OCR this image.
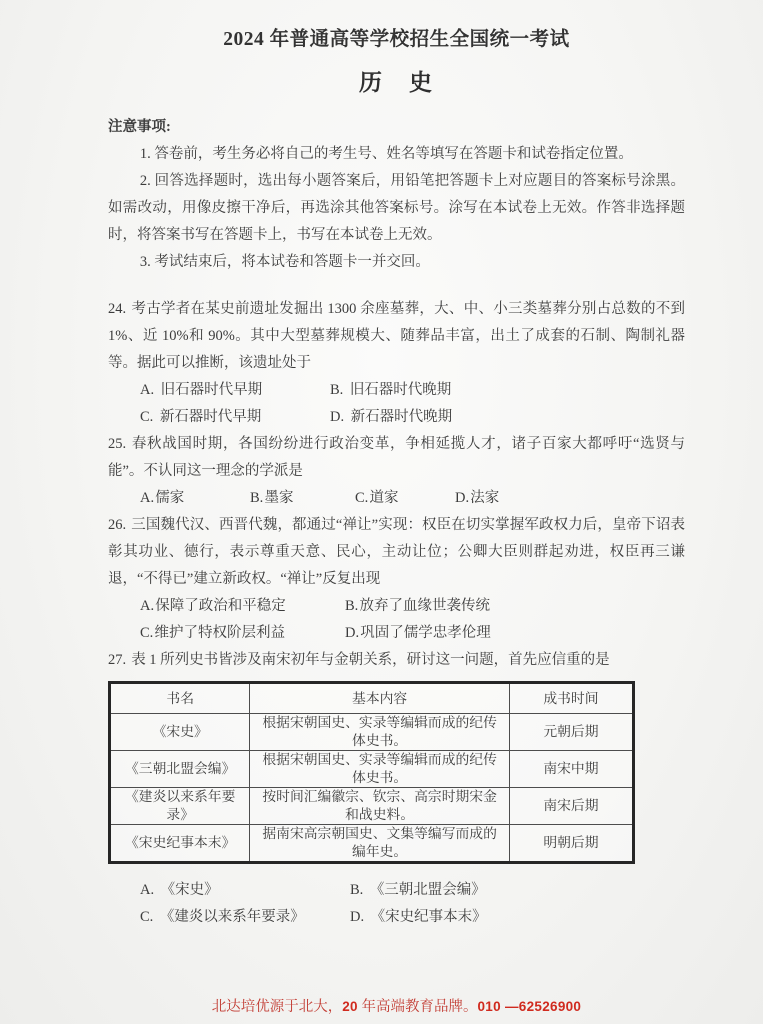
2024 年普通高等学校招生全国统一考试
历　史

注意事项:

1. 答卷前，考生务必将自己的考生号、姓名等填写在答题卡和试卷指定位置。

2. 回答选择题时，选出每小题答案后，用铅笔把答题卡上对应题目的答案标号涂黑。如需改动，用像皮擦干净后，再选涂其他答案标号。涂写在本试卷上无效。作答非选择题时，将答案书写在答题卡上，书写在本试卷上无效。

3. 考试结束后，将本试卷和答题卡一并交回。

24. 考古学者在某史前遗址发掘出 1300 余座墓葬，大、中、小三类墓葬分别占总数的不到 1%、近 10%和 90%。其中大型墓葬规模大、随葬品丰富，出土了成套的石制、陶制礼器等。据此可以推断，该遗址处于

A. 旧石器时代早期	B. 旧石器时代晚期
C. 新石器时代早期	D. 新石器时代晚期

25. 春秋战国时期，各国纷纷进行政治变革，争相延揽人才，诸子百家大都呼吁“选贤与能”。不认同这一理念的学派是

A.儒家	B.墨家	C.道家	D.法家

26. 三国魏代汉、西晋代魏，都通过“禅让”实现：权臣在切实掌握军政权力后，皇帝下诏表彰其功业、德行，表示尊重天意、民心，主动让位；公卿大臣则群起劝进，权臣再三谦退，“不得已”建立新政权。“禅让”反复出现

A.保障了政治和平稳定	B.放弃了血缘世袭传统
C.维护了特权阶层利益	D.巩固了儒学忠孝伦理

27. 表 1 所列史书皆涉及南宋初年与金朝关系，研讨这一问题，首先应信重的是

书名	基本内容	成书时间
《宋史》	根据宋朝国史、实录等编辑而成的纪传体史书。	元朝后期
《三朝北盟会编》	根据宋朝国史、实录等编辑而成的纪传体史书。	南宋中期
《建炎以来系年要录》	按时间汇编徽宗、钦宗、高宗时期宋金和战史料。	南宋后期
《宋史纪事本末》	据南宋高宗朝国史、文集等编写而成的编年史。	明朝后期
A. 《宋史》	B. 《三朝北盟会编》
C. 《建炎以来系年要录》	D. 《宋史纪事本末》

北达培优源于北大，20 年高端教育品牌。010 —62526900
